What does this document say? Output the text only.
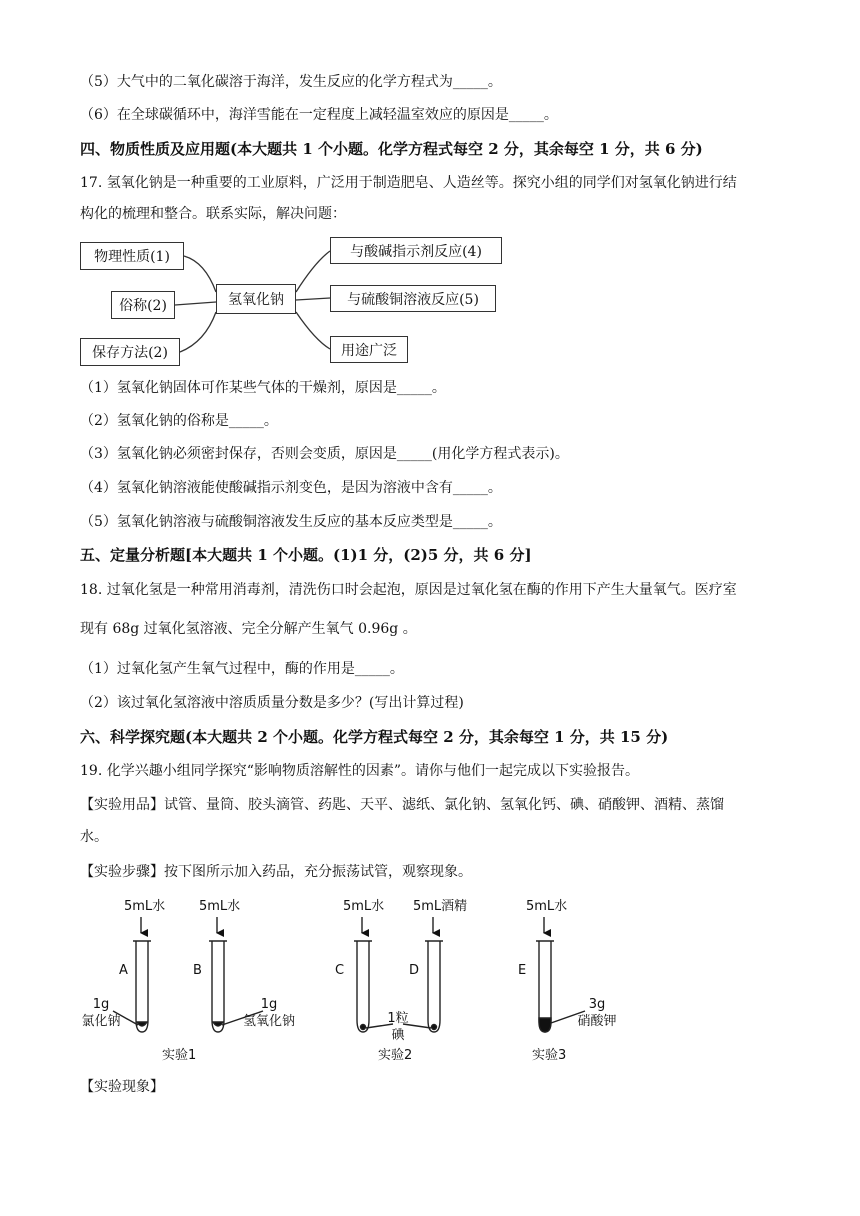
（5）大气中的二氧化碳溶于海洋，发生反应的化学方程式为_____。
（6）在全球碳循环中，海洋雪能在一定程度上减轻温室效应的原因是_____。
四、物质性质及应用题(本大题共 1 个小题。化学方程式每空 2 分，其余每空 1 分，共 6 分)
17. 氢氧化钠是一种重要的工业原料，广泛用于制造肥皂、人造丝等。探究小组的同学们对氢氧化钠进行结
构化的梳理和整合。联系实际，解决问题：
物理性质(1)
俗称(2)
保存方法(2)
氢氧化钠
与酸碱指示剂反应(4)
与硫酸铜溶液反应(5)
用途广泛
（1）氢氧化钠固体可作某些气体的干燥剂，原因是_____。
（2）氢氧化钠的俗称是_____。
（3）氢氧化钠必须密封保存，否则会变质，原因是_____(用化学方程式表示)。
（4）氢氧化钠溶液能使酸碱指示剂变色，是因为溶液中含有_____。
（5）氢氧化钠溶液与硫酸铜溶液发生反应的基本反应类型是_____。
五、定量分析题[本大题共 1 个小题。(1)1 分，(2)5 分，共 6 分]
18. 过氧化氢是一种常用消毒剂，清洗伤口时会起泡，原因是过氧化氢在酶的作用下产生大量氧气。医疗室
现有 68g 过氧化氢溶液、完全分解产生氧气 0.96g 。
（1）过氧化氢产生氧气过程中，酶的作用是_____。
（2）该过氧化氢溶液中溶质质量分数是多少？(写出计算过程)
六、科学探究题(本大题共 2 个小题。化学方程式每空 2 分，其余每空 1 分，共 15 分)
19. 化学兴趣小组同学探究“影响物质溶解性的因素”。请你与他们一起完成以下实验报告。
【实验用品】试管、量筒、胶头滴管、药匙、天平、滤纸、氯化钠、氢氧化钙、碘、硝酸钾、酒精、蒸馏
水。
【实验步骤】按下图所示加入药品，充分振荡试管，观察现象。
5mL水	5mL水	5mL水 5mL酒精	5mL水
A	B	C	D	E
1g
氯化钠
1g
氢氧化钠	1粒
碘
3g
硝酸钾
实验1	实验2	实验3
【实验现象】
